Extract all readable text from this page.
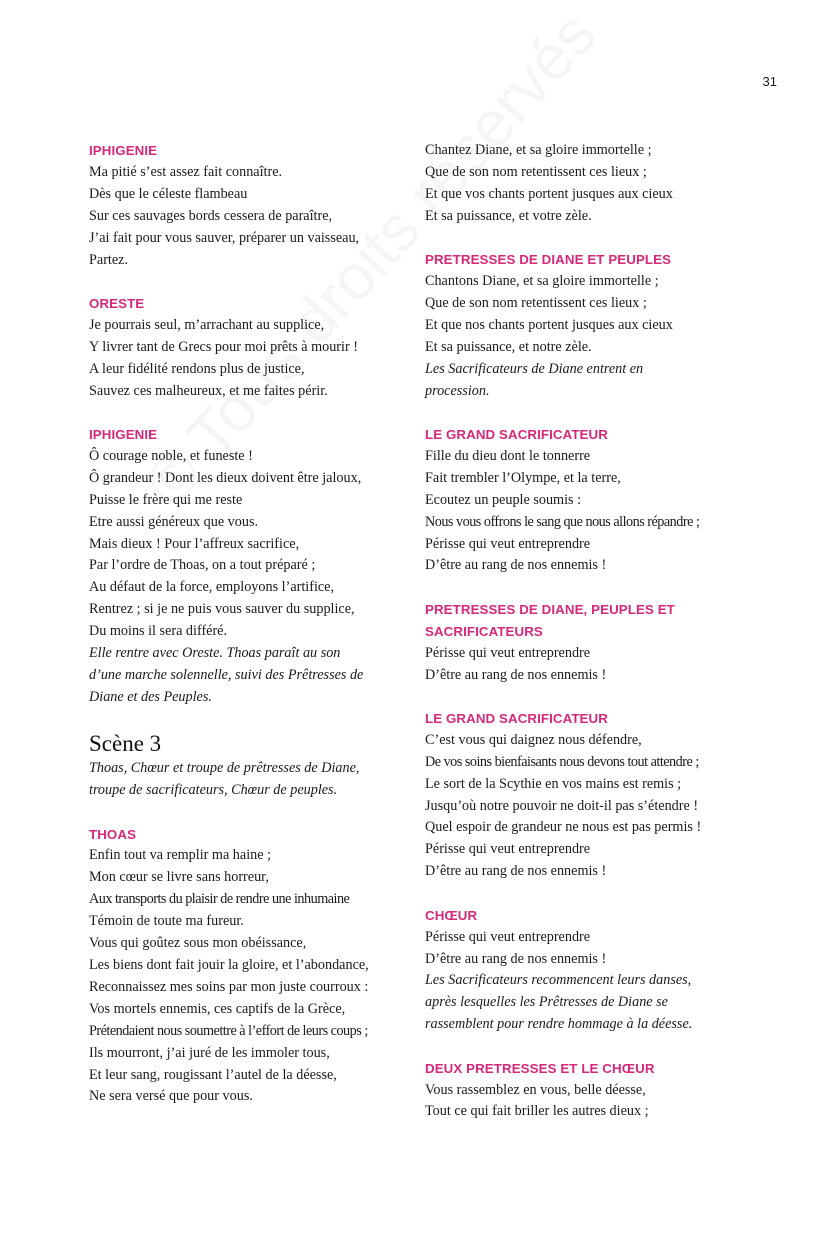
31
IPHIGENIE
Ma pitié s’est assez fait connaître.
Dès que le céleste flambeau
Sur ces sauvages bords cessera de paraître,
J’ai fait pour vous sauver, préparer un vaisseau,
Partez.
ORESTE
Je pourrais seul, m’arrachant au supplice,
Y livrer tant de Grecs pour moi prêts à mourir !
A leur fidélité rendons plus de justice,
Sauvez ces malheureux, et me faites périr.
IPHIGENIE
Ô courage noble, et funeste !
Ô grandeur ! Dont les dieux doivent être jaloux,
Puisse le frère qui me reste
Etre aussi généreux que vous.
Mais dieux ! Pour l’affreux sacrifice,
Par l’ordre de Thoas, on a tout préparé ;
Au défaut de la force, employons l’artifice,
Rentrez ; si je ne puis vous sauver du supplice,
Du moins il sera différé.
Elle rentre avec Oreste. Thoas paraît au son
d’une marche solennelle, suivi des Prêtresses de
Diane et des Peuples.
Scène 3
Thoas, Chœur et troupe de prêtresses de Diane,
troupe de sacrificateurs, Chœur de peuples.
THOAS
Enfin tout va remplir ma haine ;
Mon cœur se livre sans horreur,
Aux transports du plaisir de rendre une inhumaine
Témoin de toute ma fureur.
Vous qui goûtez sous mon obéissance,
Les biens dont fait jouir la gloire, et l’abondance,
Reconnaissez mes soins par mon juste courroux :
Vos mortels ennemis, ces captifs de la Grèce,
Prétendaient nous soumettre à l’effort de leurs coups ;
Ils mourront, j’ai juré de les immoler tous,
Et leur sang, rougissant l’autel de la déesse,
Ne sera versé que pour vous.
Chantez Diane, et sa gloire immortelle ;
Que de son nom retentissent ces lieux ;
Et que vos chants portent jusques aux cieux
Et sa puissance, et votre zèle.
PRETRESSES DE DIANE ET PEUPLES
Chantons Diane, et sa gloire immortelle ;
Que de son nom retentissent ces lieux ;
Et que nos chants portent jusques aux cieux
Et sa puissance, et notre zèle.
Les Sacrificateurs de Diane entrent en
procession.
LE GRAND SACRIFICATEUR
Fille du dieu dont le tonnerre
Fait trembler l’Olympe, et la terre,
Ecoutez un peuple soumis :
Nous vous offrons le sang que nous allons répandre ;
Périsse qui veut entreprendre
D’être au rang de nos ennemis !
PRETRESSES DE DIANE, PEUPLES ET
SACRIFICATEURS
Périsse qui veut entreprendre
D’être au rang de nos ennemis !
LE GRAND SACRIFICATEUR
C’est vous qui daignez nous défendre,
De vos soins bienfaisants nous devons tout attendre ;
Le sort de la Scythie en vos mains est remis ;
Jusqu’où notre pouvoir ne doit-il pas s’étendre !
Quel espoir de grandeur ne nous est pas permis !
Périsse qui veut entreprendre
D’être au rang de nos ennemis !
CHŒUR
Périsse qui veut entreprendre
D’être au rang de nos ennemis !
Les Sacrificateurs recommencent leurs danses,
après lesquelles les Prêtresses de Diane se
rassemblent pour rendre hommage à la déesse.
DEUX PRETRESSES ET LE CHŒUR
Vous rassemblez en vous, belle déesse,
Tout ce qui fait briller les autres dieux ;
